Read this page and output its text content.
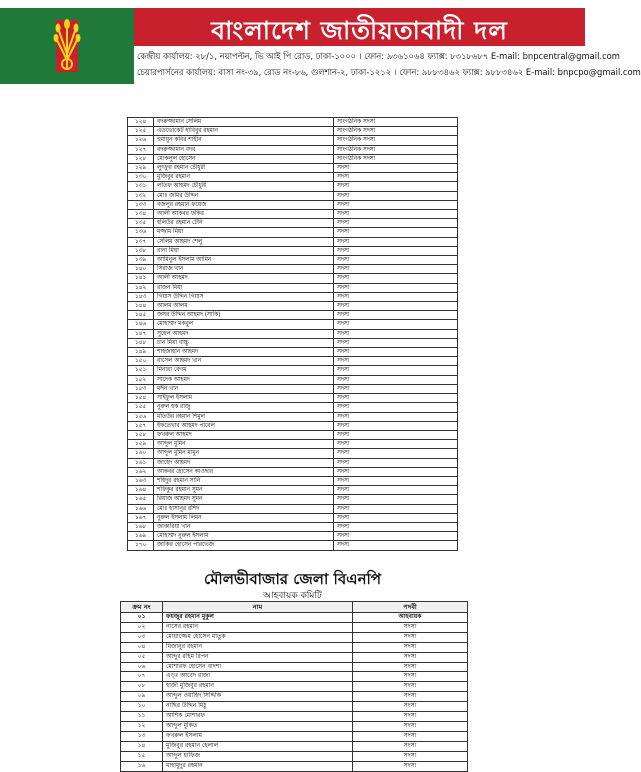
বাংলাদেশ জাতীয়তাবাদী দল
কেন্দ্রীয় কার্যালয়: ২৮/১, নয়াপল্টন, ভি আই পি রোড, ঢাকা-১০০০ । ফোন: ৯৩৬১০৬৪ ফ্যাক্স: ৮৩১৮৬৮৭ E-mail: bnpcentral@gmail.com
চেয়ারপার্সনের কার্যালয়: বাসা নং-৩৯, রোড নং-৮৬, গুলশান-২, ঢাকা-১২১২ । ফোন: ৯৮৮৩৪৬২ ফ্যাক্স: ৯৮৮৩৪৬২ E-mail: bnpcpo@gmail.com
১২৪	বদরুজ্জামান সেলিম	সাংগঠনিক সদস্য
১২৫	এডভোকেট হাবিবুর রহমান	সাংগঠনিক সদস্য
১২৬	হুমায়ুন কবির শাহীন	সাংগঠনিক সদস্য
১২৭	বদরুজ্জামান বদর	সাংগঠনিক সদস্য
১২৮	মোকলুল হোসেন	সাংগঠনিক সদস্য
১২৯	লুৎফুর রহমান চৌধুরী	সদস্য
১৩০	মুজিবুর রহমান	সদস্য
১৩১	লতিফ আহমদ চৌধুরী	সদস্য
১৩২	মোঃ জমির উদ্দিন	সদস্য
১৩৩	বজলুর রহমান ফয়েজ	সদস্য
১৩৪	আলী আকবর ফকির	সদস্য
১৩৫	হলিউর রহমান টেনি	সদস্য
১৩৬	মজ্জাম মিয়া	সদস্য
১৩৭	সেলিম আহমদ শেলু	সদস্য
১৩৮	রানা মিয়া	সদস্য
১৩৯	আমিনুল ইসলাম আমিন	সদস্য
১৪০	সিরাজ খান	সদস্য
১৪১	আলী আহমদ	সদস্য
১৪২	রাজন মিয়া	সদস্য
১৪৩	গিয়াস উদ্দিন গিয়াস	সদস্য
১৪৪	আলম আলম	সদস্য
১৪৫	জসর উদ্দিন আহমদ (সাকি)	সদস্য
১৪৬	মোহাম্মদ মকবুল	সদস্য
১৪৭	সুহেল আহমদ	সদস্য
১৪৮	চান মিয়া বাচ্চু	সদস্য
১৪৯	শাহজাহান আহমদ	সদস্য
১৫০	রাসেল আহমদ খান	সদস্য
১৫১	মিনারা বেগম	সদস্য
১৫২	সাদেক আহমদ	সদস্য
১৫৩	মঈন খান	সদস্য
১৫৪	সাইফুল ইসলাম	সদস্য
১৫৫	নুরুল হক রাজু	সদস্য
১৫৬	মতিউর রহমান শিমুল	সদস্য
১৫৭	ইফতেখার আহমদ পাবেল	সদস্য
১৫৮	ফখরুল আহমদ	সদস্য
১৫৯	আব্দুল মুমিন	সদস্য
১৬০	আব্দুল মুমিন মামুন	সদস্য
১৬১	জাহেদ আহমদ	সদস্য
১৬২	আকবর হোসেন কাওছার	সদস্য
১৬৩	শহিদুর রহমান সানি	সদস্য
১৬৪	শফিকুর রহমান সুমন	সদস্য
১৬৫	রিয়াজ আহমদ সুমন	সদস্য
১৬৬	মোঃ হাসানুর রশিদ	সদস্য
১৬৭	নুরুল ইসলাম লিমন	সদস্য
১৬৮	জাকারিয়া খান	সদস্য
১৬৯	মোহাম্মদ নুরুল ইসলাম	সদস্য
১৭০	জাকির হোসেন পারভেজ	সদস্য
মৌলভীবাজার জেলা বিএনপি
আহবায়ক কমিটি
ক্রম নং	নাম	পদবী
০১	ফয়জুর রহমান মুকুল	আহবায়ক
০২	নাসের রহমান	সদস্য
০৩	মোয়াজ্জেম হোসেন মাতুক	সদস্য
০৪	মিজানুর রহমান	সদস্য
০৫	আব্দুর রহিম রিপন	সদস্য
০৬	মোশারফ হোসেন বাদশা	সদস্য
০৭	এড্‌ঃ আবেদ রাজা	সদস্য
০৮	হাজী মুজিবুর রহমান	সদস্য
০৯	আব্দুল ওয়াহিদ সিদ্দিকি	সদস্য
১০	নাছির উদ্দিন মিঠু	সদস্য
১১	আশিক মোশারফ	সদস্য
১২	আব্দুল মুকিত	সদস্য
১৩	ফখরুল ইসলাম	সদস্য
১৪	মুজিবুর রহমান হেলাল	সদস্য
১৫	আব্দুল হাফিজ	সদস্য
১৬	মাহামুদুর রহমান	সদস্য
